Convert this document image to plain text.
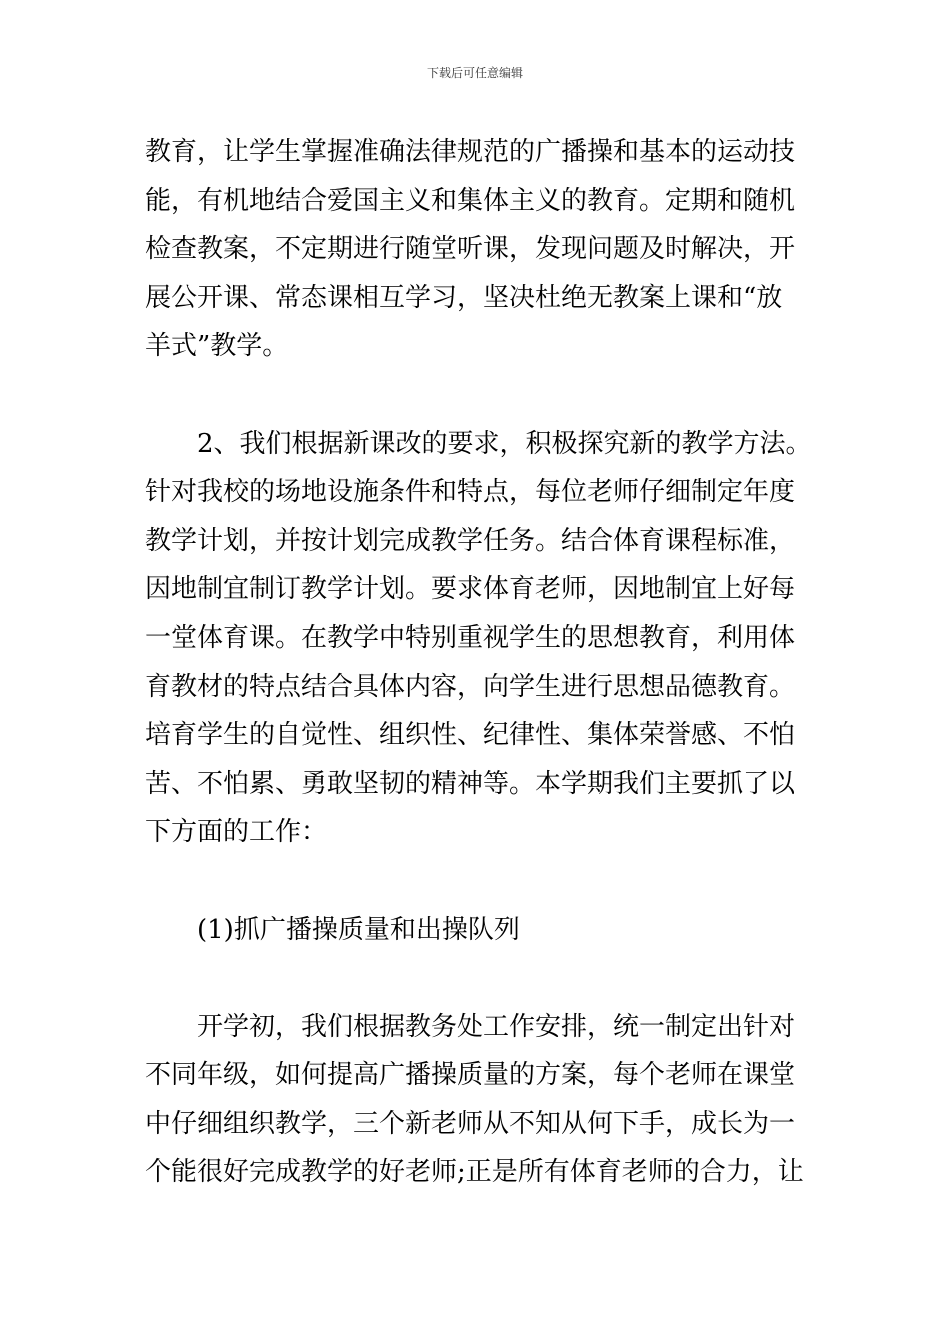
下载后可任意编辑

教育，让学生掌握准确法律规范的广播操和基本的运动技
能，有机地结合爱国主义和集体主义的教育。定期和随机
检查教案，不定期进行随堂听课，发现问题及时解决，开
展公开课、常态课相互学习，坚决杜绝无教案上课和“放
羊式”教学。

2、我们根据新课改的要求，积极探究新的教学方法。
针对我校的场地设施条件和特点，每位老师仔细制定年度
教学计划，并按计划完成教学任务。结合体育课程标准，
因地制宜制订教学计划。要求体育老师，因地制宜上好每
一堂体育课。在教学中特别重视学生的思想教育，利用体
育教材的特点结合具体内容，向学生进行思想品德教育。
培育学生的自觉性、组织性、纪律性、集体荣誉感、不怕
苦、不怕累、勇敢坚韧的精神等。本学期我们主要抓了以
下方面的工作：

(1)抓广播操质量和出操队列

开学初，我们根据教务处工作安排，统一制定出针对
不同年级，如何提高广播操质量的方案，每个老师在课堂
中仔细组织教学，三个新老师从不知从何下手，成长为一
个能很好完成教学的好老师;正是所有体育老师的合力，让
